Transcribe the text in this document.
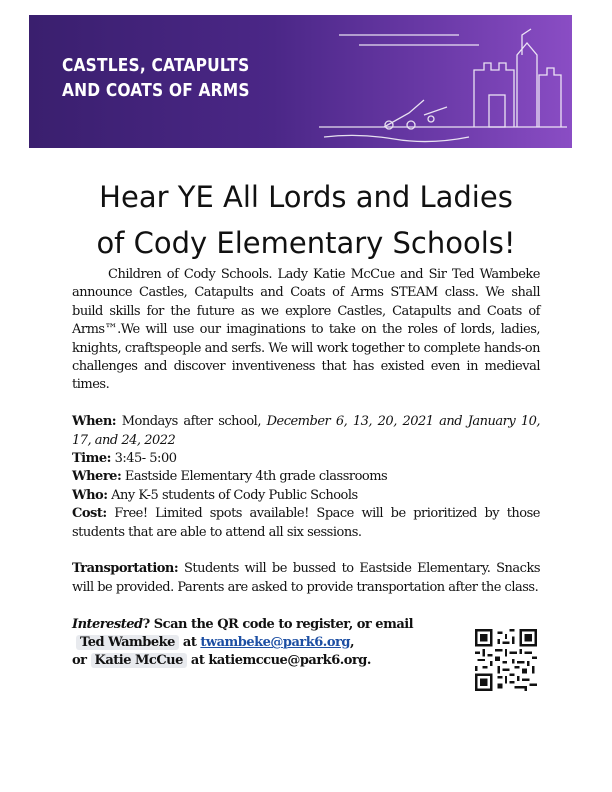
CASTLES, CATAPULTS
AND COATS OF ARMS
Hear YE All Lords and Ladies
of Cody Elementary Schools!

Children of Cody Schools. Lady Katie McCue and Sir Ted Wambeke announce Castles, Catapults and Coats of Arms STEAM class. We shall build skills for the future as we explore Castles, Catapults and Coats of Arms™.We will use our imaginations to take on the roles of lords, ladies, knights, craftspeople and serfs. We will work together to complete hands-on challenges and discover inventiveness that has existed even in medieval times.

When: Mondays after school, December 6, 13, 20, 2021 and January 10, 17, and 24, 2022

Time: 3:45- 5:00

Where: Eastside Elementary 4th grade classrooms

Who: Any K-5 students of Cody Public Schools

Cost: Free! Limited spots available! Space will be prioritized by those students that are able to attend all six sessions.

Transportation: Students will be bussed to Eastside Elementary. Snacks will be provided. Parents are asked to provide transportation after the class.

Interested? Scan the QR code to register, or email

Ted Wambeke at twambeke@park6.org,

or Katie McCue at katiemccue@park6.org.
